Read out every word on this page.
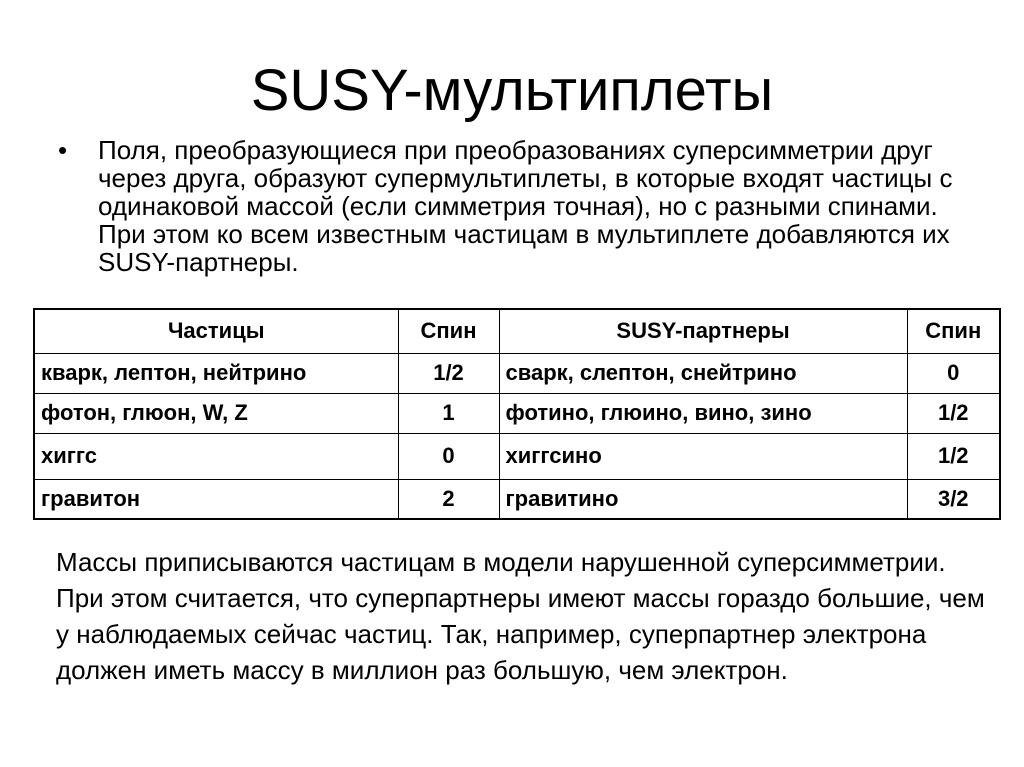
SUSY-мультиплеты
• Поля, преобразующиеся при преобразованиях суперсимметрии друг через друга, образуют супермультиплеты, в которые входят частицы с одинаковой массой (если симметрия точная), но с разными спинами. При этом ко всем известным частицам в мультиплете добавляются их SUSY-партнеры.

Частицы	Спин	SUSY-партнеры	Спин
кварк, лептон, нейтрино	1/2	сварк, слептон, снейтрино	0
фотон, глюон, W, Z	1	фотино, глюино, вино, зино	1/2
хиггс	0	хиггсино	1/2
гравитон	2	гравитино	3/2

Массы приписываются частицам в модели нарушенной суперсимметрии. При этом считается, что суперпартнеры имеют массы гораздо большие, чем у наблюдаемых сейчас частиц. Так, например, суперпартнер электрона должен иметь массу в миллион раз большую, чем электрон.
